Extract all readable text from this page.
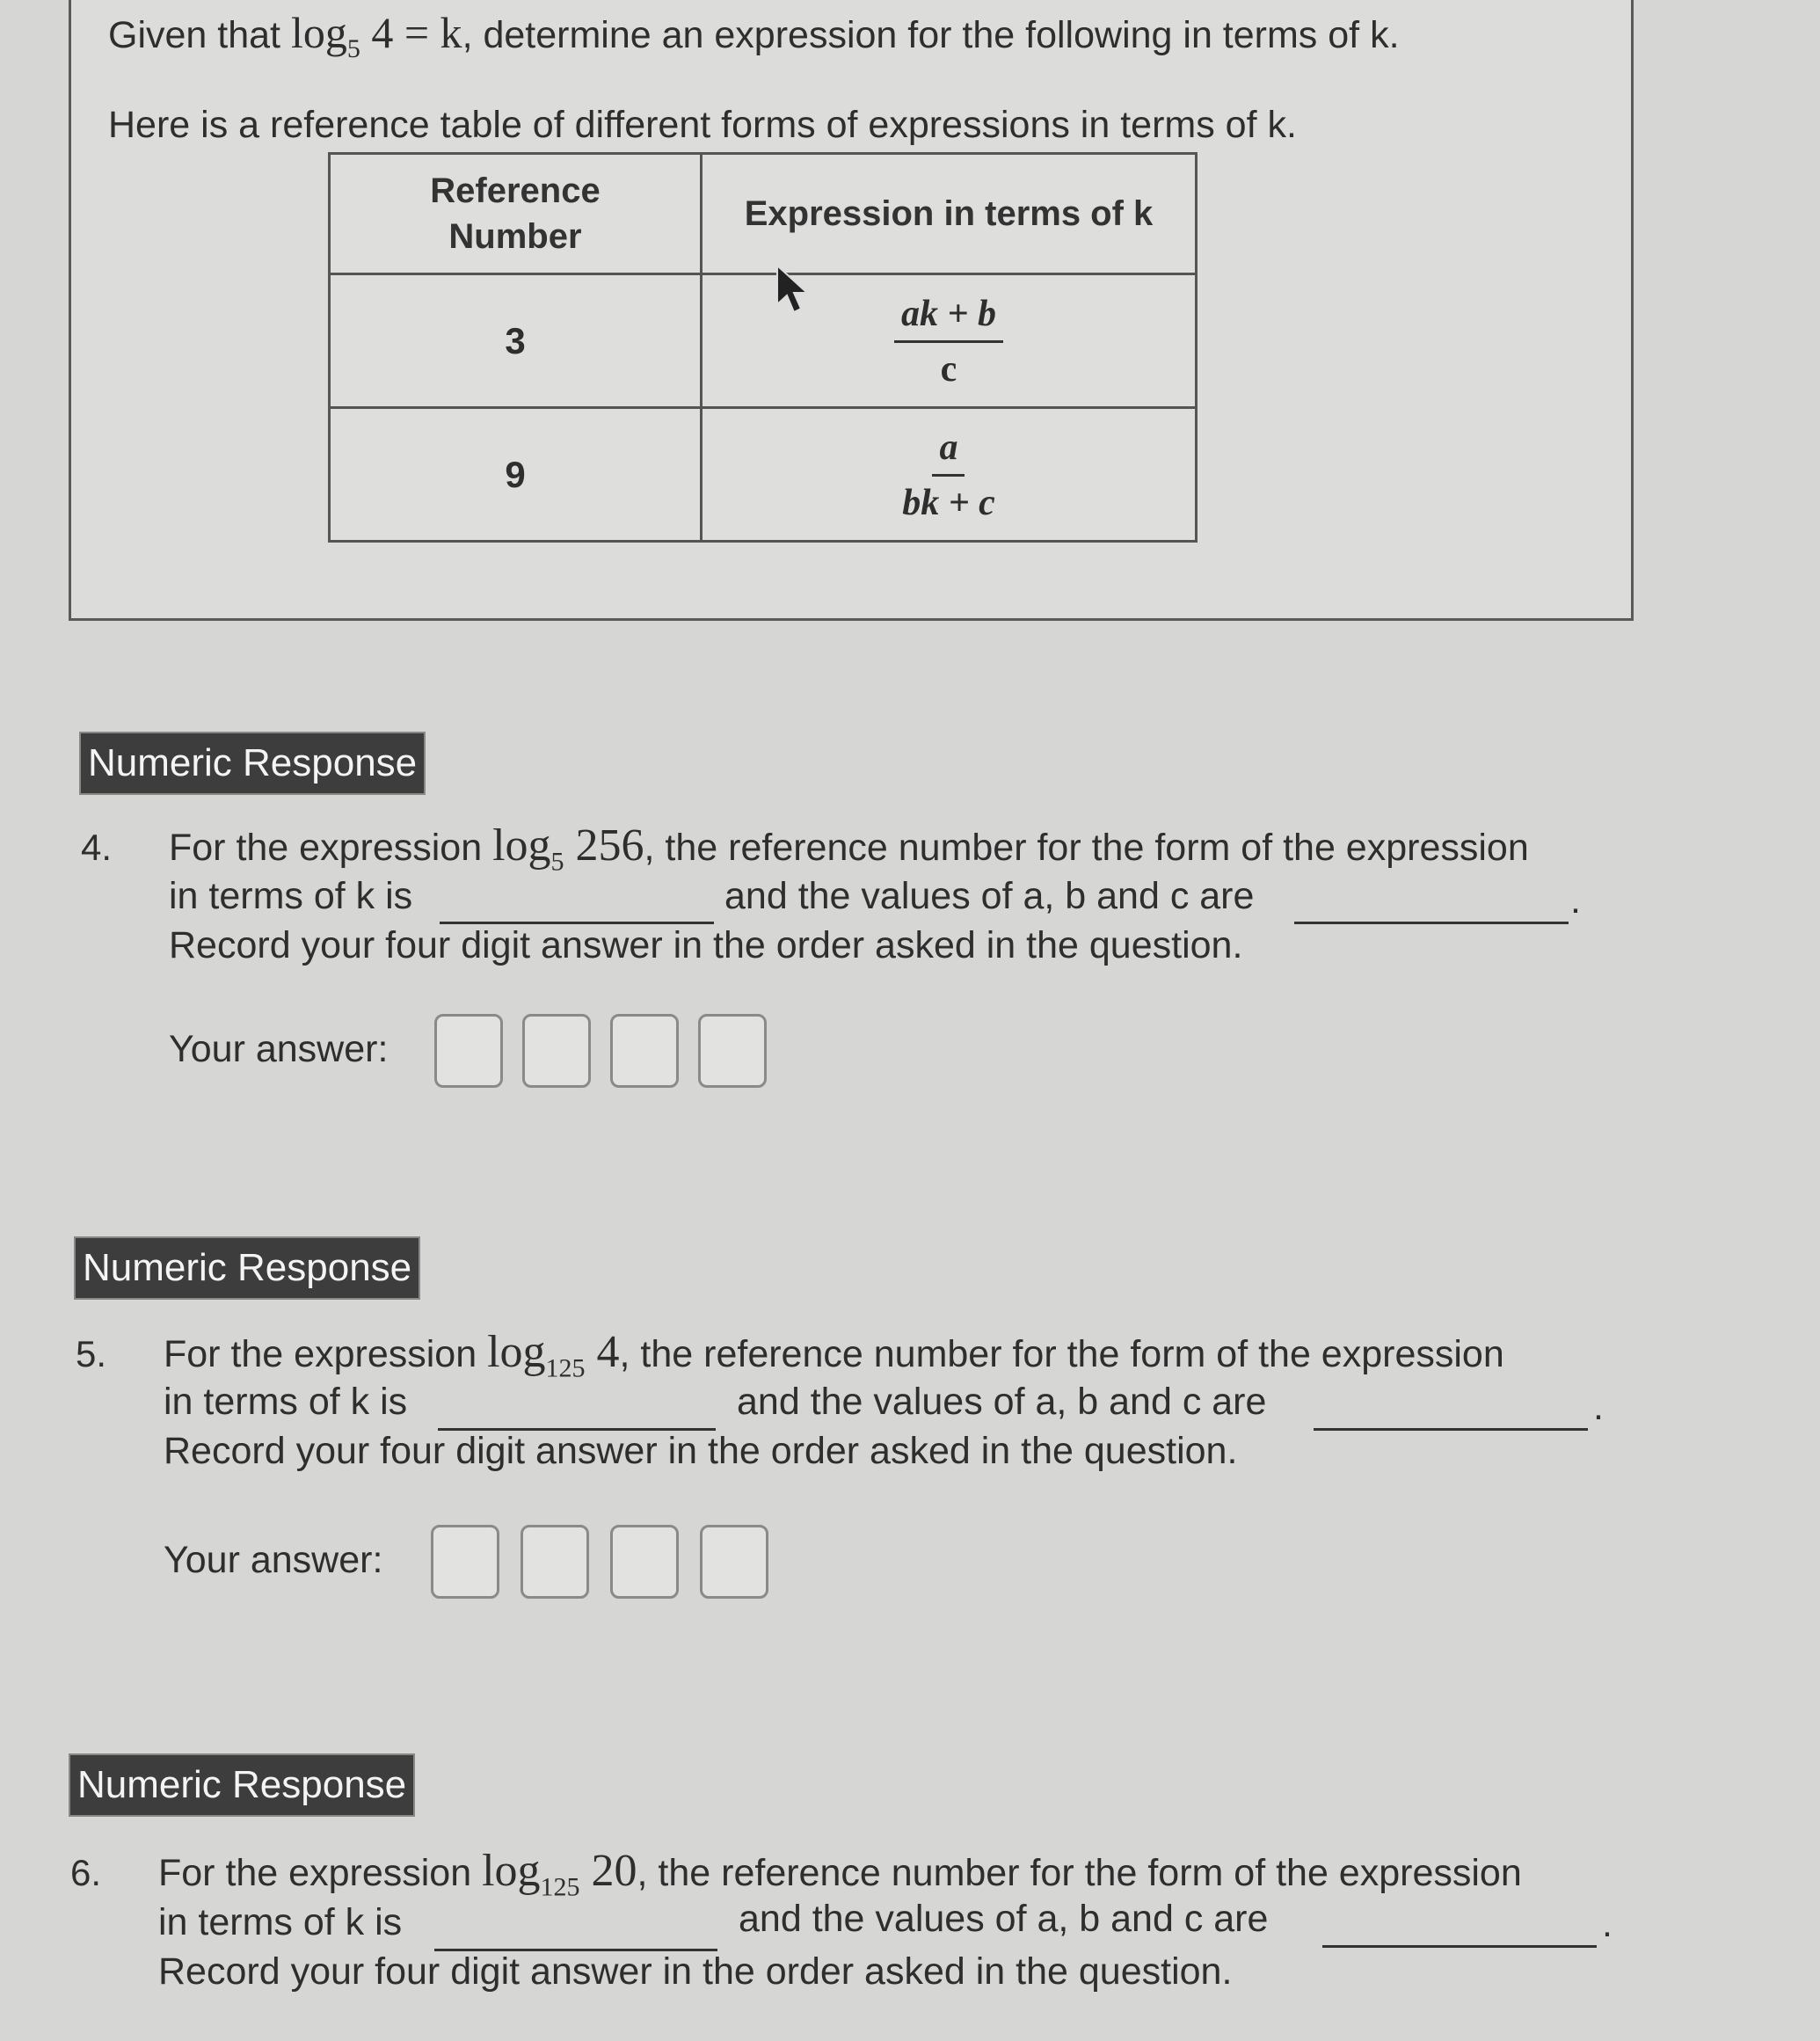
Given that $\log_5 4 = k$, determine an expression for the following in terms of k.
Here is a reference table of different forms of expressions in terms of k.
Reference Number	Expression in terms of k
3	$\frac{ak + b}{c}$

9	$\frac{a}{bk + c}$
Numeric Response
4. For the expression $\log_5 256$, the reference number for the form of the expression
in terms of k is	and the values of a, b and c are	.
Record your four digit answer in the order asked in the question.
Your answer:
Numeric Response
5. For the expression $\log_{125} 4$, the reference number for the form of the expression
in terms of k is	and the values of a, b and c are	.
Record your four digit answer in the order asked in the question.
Your answer:
Numeric Response
6. For the expression $\log_{125} 20$, the reference number for the form of the expression
in terms of k is	and the values of a, b and c are	.
Record your four digit answer in the order asked in the question.
